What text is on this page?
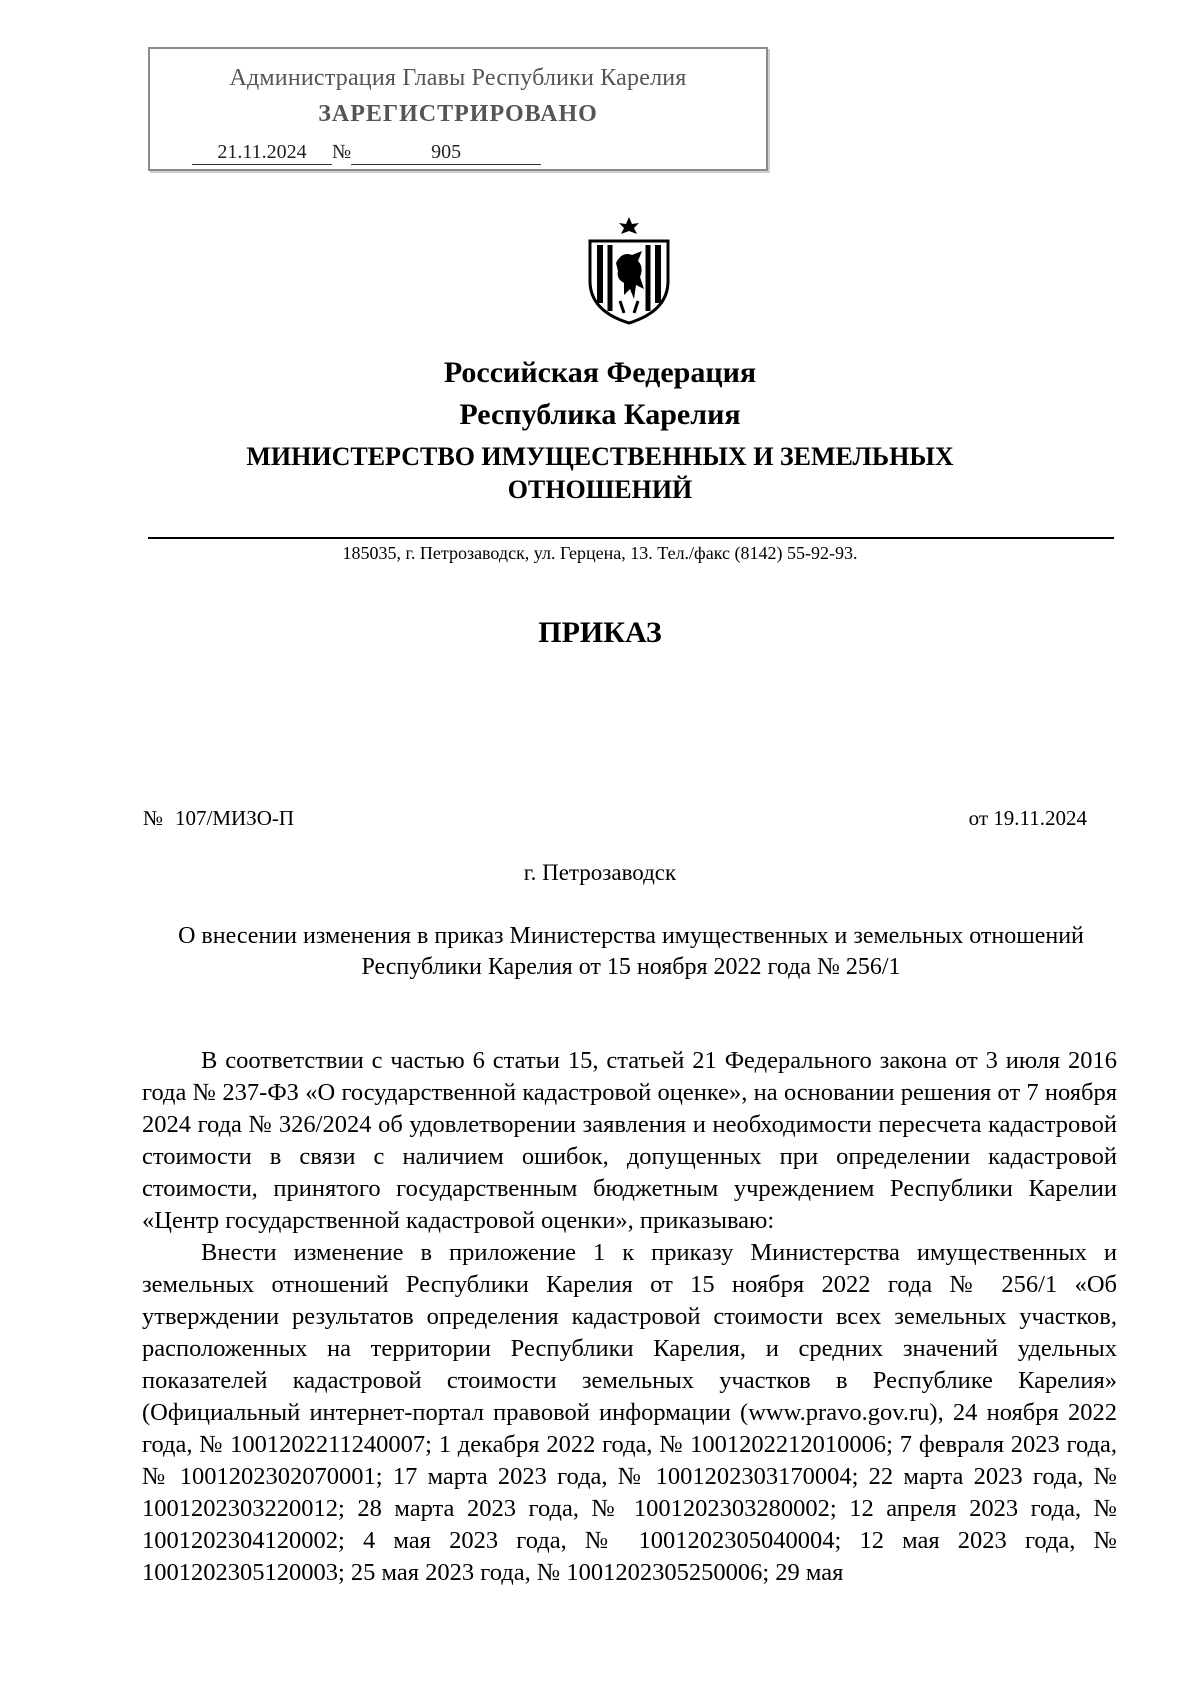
Администрация Главы Республики Карелия
ЗАРЕГИСТРИРОВАНО
21.11.2024 №	905
Российская Федерация
Республика Карелия
МИНИСТЕРСТВО ИМУЩЕСТВЕННЫХ И ЗЕМЕЛЬНЫХ ОТНОШЕНИЙ
185035, г. Петрозаводск, ул. Герцена, 13. Тел./факс (8142) 55-92-93.
ПРИКАЗ
№ 107/МИЗО-П	от 19.11.2024
г. Петрозаводск
О внесении изменения в приказ Министерства имущественных и земельных отношений Республики Карелия от 15 ноября 2022 года № 256/1

В соответствии с частью 6 статьи 15, статьей 21 Федерального закона от 3 июля 2016 года № 237-ФЗ «О государственной кадастровой оценке», на основании решения от 7 ноября 2024 года № 326/2024 об удовлетворении заявления и необходимости пересчета кадастровой стоимости в связи с наличием ошибок, допущенных при определении кадастровой стоимости, принятого государственным бюджетным учреждением Республики Карелии «Центр государственной кадастровой оценки», приказываю:

Внести изменение в приложение 1 к приказу Министерства имущественных и земельных отношений Республики Карелия от 15 ноября 2022 года № 256/1 «Об утверждении результатов определения кадастровой стоимости всех земельных участков, расположенных на территории Республики Карелия, и средних значений удельных показателей кадастровой стоимости земельных участков в Республике Карелия» (Официальный интернет-портал правовой информации (www.pravo.gov.ru), 24 ноября 2022 года, № 1001202211240007; 1 декабря 2022 года, № 1001202212010006; 7 февраля 2023 года, № 1001202302070001; 17 марта 2023 года, № 1001202303170004; 22 марта 2023 года, № 1001202303220012; 28 марта 2023 года, № 1001202303280002; 12 апреля 2023 года, № 1001202304120002; 4 мая 2023 года, № 1001202305040004; 12 мая 2023 года, № 1001202305120003; 25 мая 2023 года, № 1001202305250006; 29 мая
